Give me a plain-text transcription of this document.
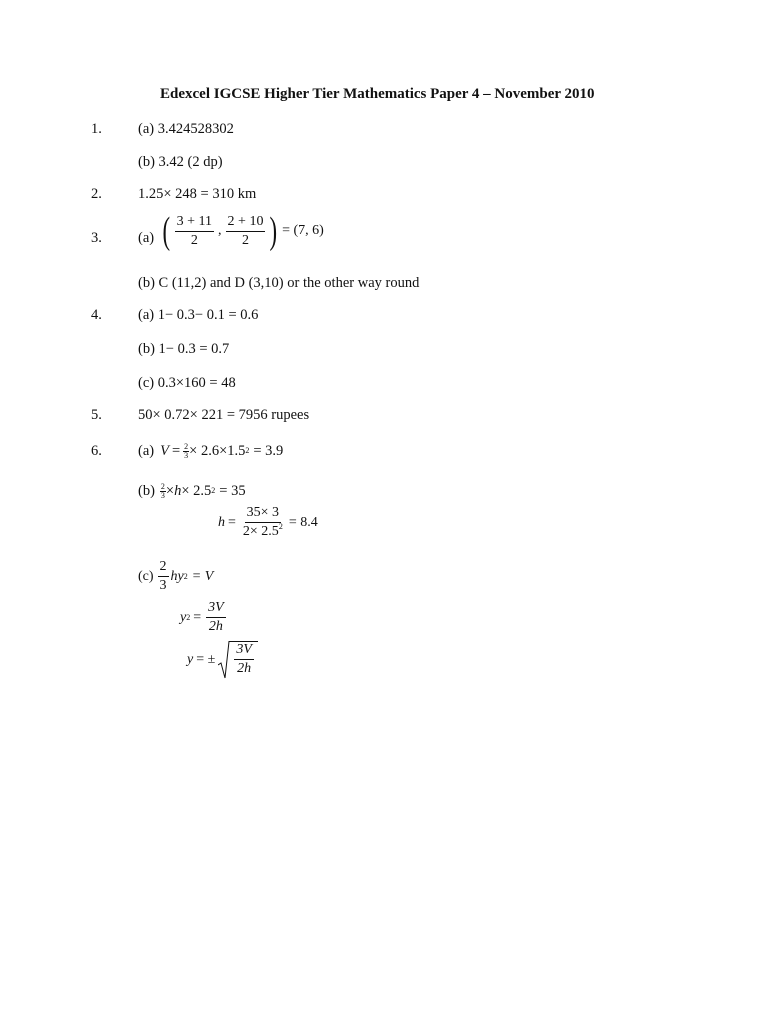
Edexcel IGCSE Higher Tier Mathematics Paper 4 – November 2010
1. (a) 3.424528302
(b) 3.42 (2 dp)
2. 1.25× 248 = 310 km
3. (a) ( $\frac{3 + 11}{2}$ , $\frac{2 + 10}{2}$ ) = (7, 6)
(b) C (11,2) and D (3,10) or the other way round
4. (a) 1− 0.3− 0.1 = 0.6
(b) 1− 0.3 = 0.7
(c) 0.3×160 = 48
5. 50× 0.72× 221 = 7956 rupees
6. (a) $V = \frac{2}{3} \times 2.6\times 1.5$ 2 = 3.9
$(b) \frac{2}{3} \times h \times 2.5$ 2 = 35
$h = \frac{35\times 3}{2\times 2.5^2} = 8.4$
$(c) \frac{2}{3}$ hy 2 = V
y $2 = \frac{3V}{2h}$
y = ± $\frac{3V}{2h}$
